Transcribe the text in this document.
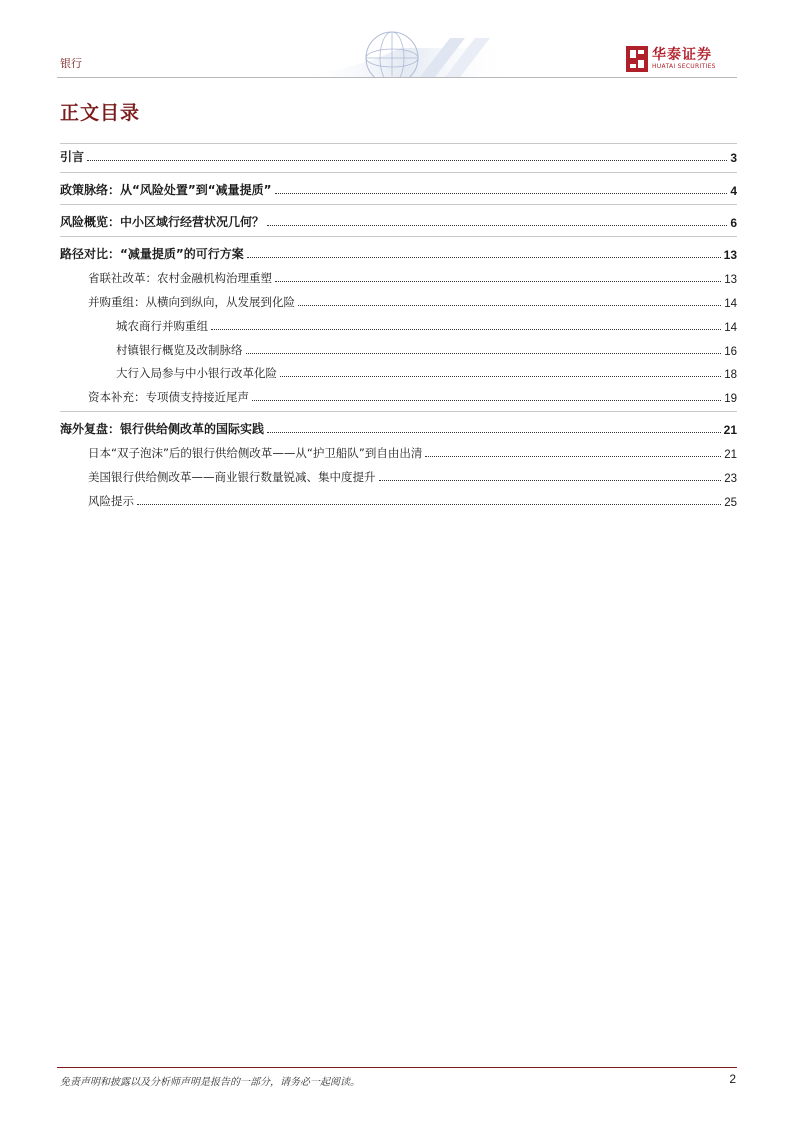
银行
华泰证券
HUATAI SECURITIES
正文目录
引言	3
政策脉络：从“风险处置”到“减量提质”	4
风险概览：中小区域行经营状况几何？	6
路径对比：“减量提质”的可行方案	13
省联社改革：农村金融机构治理重塑	13
并购重组：从横向到纵向，从发展到化险	14
城农商行并购重组	14
村镇银行概览及改制脉络	16
大行入局参与中小银行改革化险	18
资本补充：专项债支持接近尾声	19
海外复盘：银行供给侧改革的国际实践	21
日本“双子泡沫”后的银行供给侧改革——从“护卫船队”到自由出清	21
美国银行供给侧改革——商业银行数量锐减、集中度提升	23
风险提示	25
免责声明和披露以及分析师声明是报告的一部分，请务必一起阅读。	2
